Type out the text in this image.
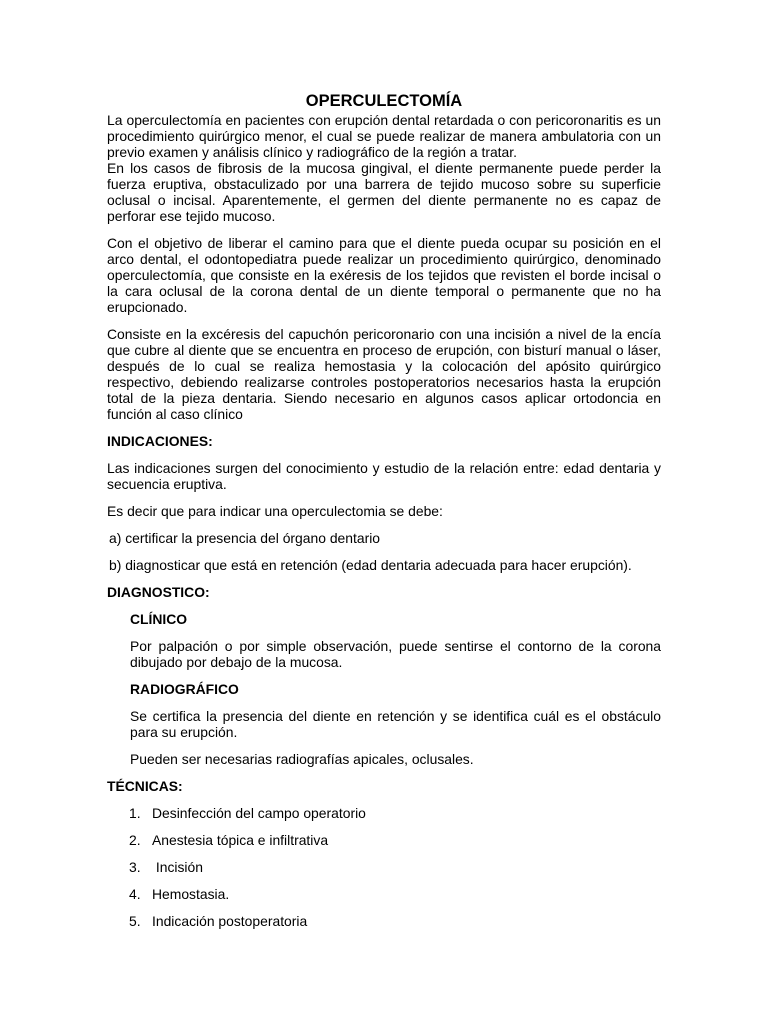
OPERCULECTOMÍA

La operculectomía en pacientes con erupción dental retardada o con pericoronaritis es un procedimiento quirúrgico menor, el cual se puede realizar de manera ambulatoria con un previo examen y análisis clínico y radiográfico de la región a tratar.

En los casos de fibrosis de la mucosa gingival, el diente permanente puede perder la fuerza eruptiva, obstaculizado por una barrera de tejido mucoso sobre su superficie oclusal o incisal. Aparentemente, el germen del diente permanente no es capaz de perforar ese tejido mucoso.

Con el objetivo de liberar el camino para que el diente pueda ocupar su posición en el arco dental, el odontopediatra puede realizar un procedimiento quirúrgico, denominado operculectomía, que consiste en la exéresis de los tejidos que revisten el borde incisal o la cara oclusal de la corona dental de un diente temporal o permanente que no ha erupcionado.

Consiste en la excéresis del capuchón pericoronario con una incisión a nivel de la encía que cubre al diente que se encuentra en proceso de erupción, con bisturí manual o láser, después de lo cual se realiza hemostasia y la colocación del apósito quirúrgico respectivo, debiendo realizarse controles postoperatorios necesarios hasta la erupción total de la pieza dentaria. Siendo necesario en algunos casos aplicar ortodoncia en función al caso clínico

INDICACIONES:

Las indicaciones surgen del conocimiento y estudio de la relación entre: edad dentaria y secuencia eruptiva.

Es decir que para indicar una operculectomia se debe:

a) certificar la presencia del órgano dentario
b) diagnosticar que está en retención (edad dentaria adecuada para hacer erupción).
DIAGNOSTICO:
CLÍNICO

Por palpación o por simple observación, puede sentirse el contorno de la corona dibujado por debajo de la mucosa.

RADIOGRÁFICO

Se certifica la presencia del diente en retención y se identifica cuál es el obstáculo para su erupción.

Pueden ser necesarias radiografías apicales, oclusales.

TÉCNICAS:
1. Desinfección del campo operatorio
2. Anestesia tópica e infiltrativa
3. Incisión
4. Hemostasia.
5. Indicación postoperatoria
